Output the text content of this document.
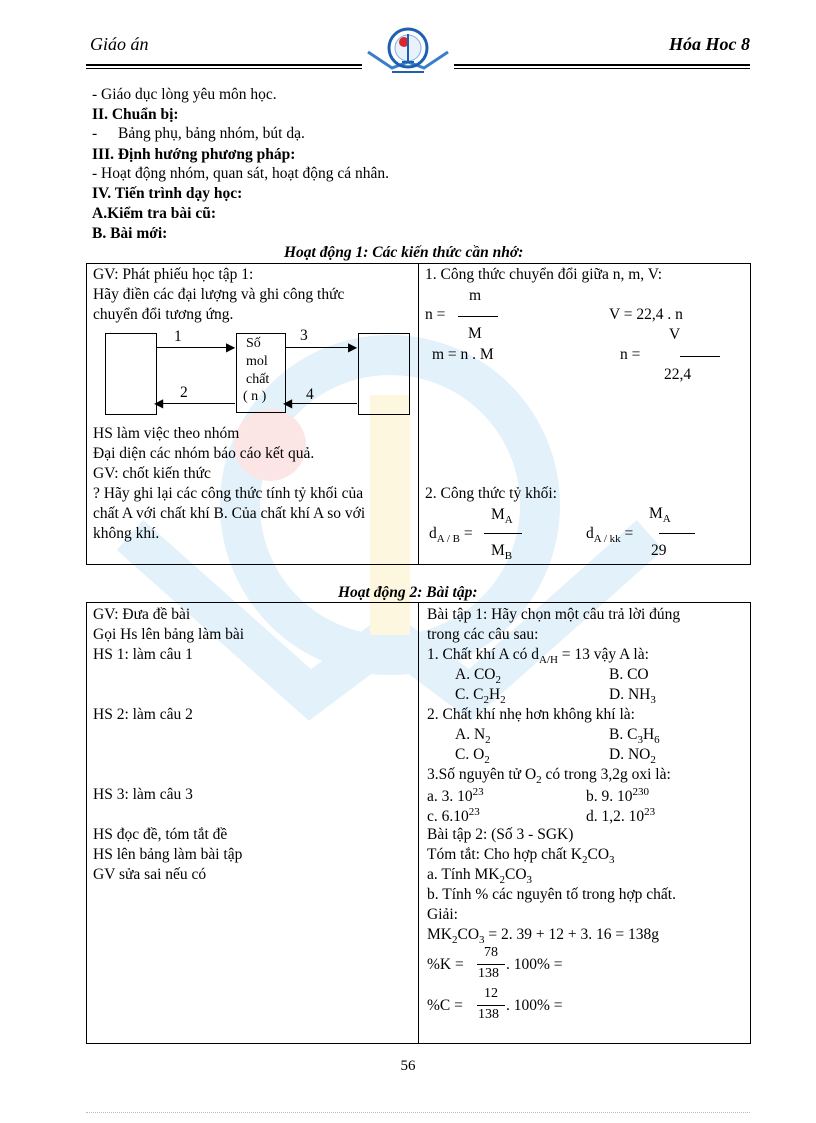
Giáo án	Hóa Hoc 8
- Giáo dục lòng yêu môn học.
II. Chuẩn bị:
- Bảng phụ, bảng nhóm, bút dạ.
III. Định hướng phương pháp:
- Hoạt động nhóm, quan sát, hoạt động cá nhân.
IV. Tiến trình dạy học:
A.Kiểm tra bài cũ:
B. Bài mới:
Hoạt động 1: Các kiến thức cần nhớ:
GV: Phát phiếu học tập 1:
Hãy điền các đại lượng và ghi công thức
chuyển đổi tương ứng.
Số
mol
chất
( n )
▶
1
◀
2
▶
3
◀ 4
HS làm việc theo nhóm
Đại diện các nhóm báo cáo kết quả.
GV: chốt kiến thức
? Hãy ghi lại các công thức tính tỷ khối của
chất A với chất khí B. Của chất khí A so với
không khí.
1. Công thức chuyển đổi giữa n, m, V:
m
n =
M
V = 22,4 . n
m = n . M
V
n =
22,4
2. Công thức tỷ khối:
$d_{A / B}$ =
$M_A$
$M_B$
$d_{A / kk}$ =
$M_A$
29
Hoạt động 2: Bài tập:
GV: Đưa đề bài
Gọi Hs lên bảng làm bài
HS 1: làm câu 1
HS 2: làm câu 2
HS 3: làm câu 3
HS đọc đề, tóm tắt đề
HS lên bảng làm bài tập
GV sửa sai nếu có
Bài tập 1: Hãy chọn một câu trả lời đúng
trong các câu sau:
1. Chất khí A có $d_{A/H} = 13$ vậy A là:
A. $CO_2$	B. CO
C. $C_2H_2$	D. $NH_3$
2. Chất khí nhẹ hơn không khí là:
A. $N_2$	B. $C_3H_6$
C. $O_2$	D. $NO_2$
3.Số nguyên tử $O_2$ có trong 3,2g oxi là:
a. 3. $10^{23}$	b. 9. $10^{230}$
c. 6.10$^{23}$	d. 1,2. $10^{23}$
Bài tập 2: (Số 3 - SGK)
Tóm tắt: Cho hợp chất $K_2CO_3$
a. Tính $MK_2CO_3$
b. Tính % các nguyên tố trong hợp chất.
Giải:
$MK_2CO_3 = 2$. 39 + 12 + 3. 16 = 138g
%K =
78
138
. 100% =
%C =
12
138
. 100% =
56
